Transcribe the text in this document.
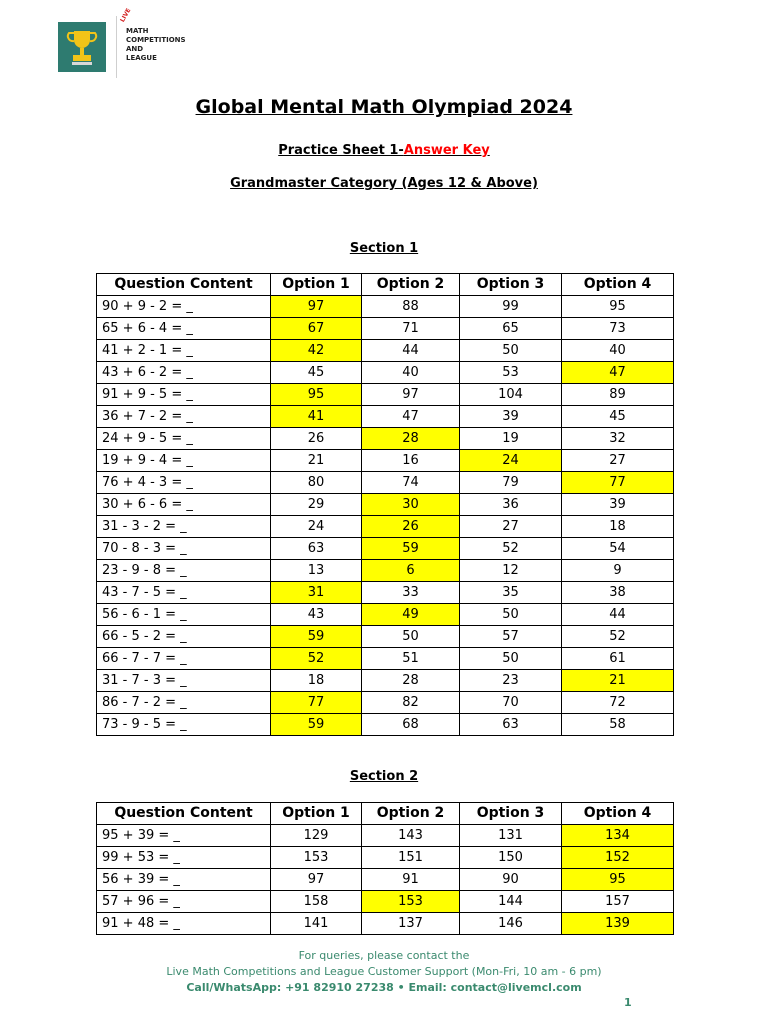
LIVE
MATH
COMPETITIONS
AND
LEAGUE
Global Mental Math Olympiad 2024
Practice Sheet 1-Answer Key
Grandmaster Category (Ages 12 & Above)
Section 1
Question Content	Option 1	Option 2	Option 3	Option 4
90 + 9 - 2 = _	97	88	99	95
65 + 6 - 4 = _	67	71	65	73
41 + 2 - 1 = _	42	44	50	40
43 + 6 - 2 = _	45	40	53	47
91 + 9 - 5 = _	95	97	104	89
36 + 7 - 2 = _	41	47	39	45
24 + 9 - 5 = _	26	28	19	32
19 + 9 - 4 = _	21	16	24	27
76 + 4 - 3 = _	80	74	79	77
30 + 6 - 6 = _	29	30	36	39
31 - 3 - 2 = _	24	26	27	18
70 - 8 - 3 = _	63	59	52	54
23 - 9 - 8 = _	13	6	12	9
43 - 7 - 5 = _	31	33	35	38
56 - 6 - 1 = _	43	49	50	44
66 - 5 - 2 = _	59	50	57	52
66 - 7 - 7 = _	52	51	50	61
31 - 7 - 3 = _	18	28	23	21
86 - 7 - 2 = _	77	82	70	72
73 - 9 - 5 = _	59	68	63	58
Section 2
Question Content	Option 1	Option 2	Option 3	Option 4
95 + 39 = _	129	143	131	134
99 + 53 = _	153	151	150	152
56 + 39 = _	97	91	90	95
57 + 96 = _	158	153	144	157
91 + 48 = _	141	137	146	139
For queries, please contact the
Live Math Competitions and League Customer Support (Mon-Fri, 10 am - 6 pm)
Call/WhatsApp: +91 82910 27238 • Email: contact@livemcl.com
1
